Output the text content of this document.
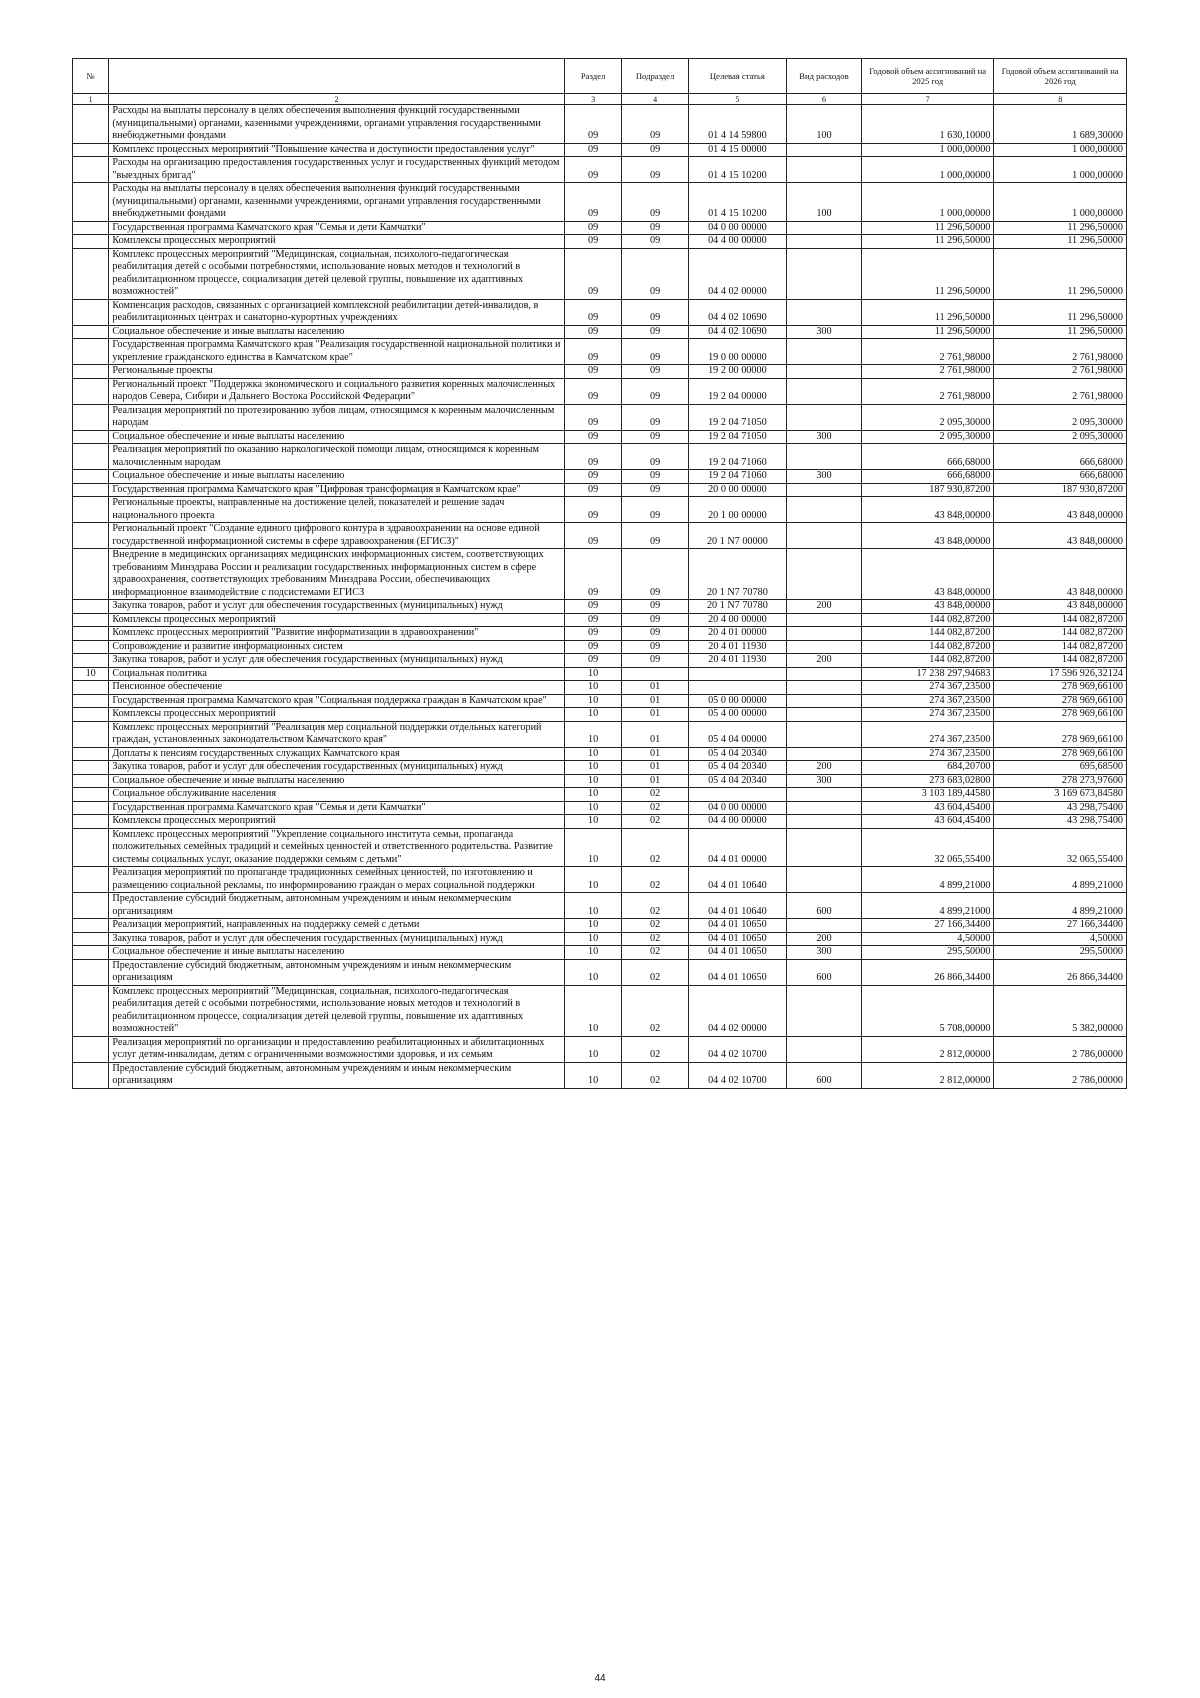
№		Раздел	Подраздел	Целевая статья	Вид расходов	Годовой объем ассигнований на 2025 год	Годовой объем ассигнований на 2026 год
1	2	3	4	5	6	7	8
	Расходы на выплаты персоналу в целях обеспечения выполнения функций государственными (муниципальными) органами, казенными учреждениями, органами управления государственными внебюджетными фондами	09	09	01 4 14 59800	100	1 630,10000	1 689,30000
	Комплекс процессных мероприятий "Повышение качества и доступности предоставления услуг"	09	09	01 4 15 00000		1 000,00000	1 000,00000
	Расходы на организацию предоставления государственных услуг и государственных функций методом "выездных бригад"	09	09	01 4 15 10200		1 000,00000	1 000,00000
	Расходы на выплаты персоналу в целях обеспечения выполнения функций государственными (муниципальными) органами, казенными учреждениями, органами управления государственными внебюджетными фондами	09	09	01 4 15 10200	100	1 000,00000	1 000,00000
	Государственная программа Камчатского края "Семья и дети Камчатки"	09	09	04 0 00 00000		11 296,50000	11 296,50000
	Комплексы процессных мероприятий	09	09	04 4 00 00000		11 296,50000	11 296,50000
	Комплекс процессных мероприятий "Медицинская, социальная, психолого-педагогическая реабилитация детей с особыми потребностями, использование новых методов и технологий в реабилитационном процессе, социализация детей целевой группы, повышение их адаптивных возможностей"	09	09	04 4 02 00000		11 296,50000	11 296,50000
	Компенсация расходов, связанных с организацией комплексной реабилитации детей-инвалидов, в реабилитационных центрах и санаторно-курортных учреждениях	09	09	04 4 02 10690		11 296,50000	11 296,50000
	Социальное обеспечение и иные выплаты населению	09	09	04 4 02 10690	300	11 296,50000	11 296,50000
	Государственная программа Камчатского края "Реализация государственной национальной политики и укрепление гражданского единства в Камчатском крае"	09	09	19 0 00 00000		2 761,98000	2 761,98000
	Региональные проекты	09	09	19 2 00 00000		2 761,98000	2 761,98000
	Региональный проект "Поддержка экономического и социального развития коренных малочисленных народов Севера, Сибири и Дальнего Востока Российской Федерации"	09	09	19 2 04 00000		2 761,98000	2 761,98000
	Реализация мероприятий по протезированию зубов лицам, относящимся к коренным малочисленным народам	09	09	19 2 04 71050		2 095,30000	2 095,30000
	Социальное обеспечение и иные выплаты населению	09	09	19 2 04 71050	300	2 095,30000	2 095,30000
	Реализация мероприятий по оказанию наркологической помощи лицам, относящимся к коренным малочисленным народам	09	09	19 2 04 71060		666,68000	666,68000
	Социальное обеспечение и иные выплаты населению	09	09	19 2 04 71060	300	666,68000	666,68000
	Государственная программа Камчатского края "Цифровая трансформация в Камчатском крае"	09	09	20 0 00 00000		187 930,87200	187 930,87200
	Региональные проекты, направленные на достижение целей, показателей и решение задач национального проекта	09	09	20 1 00 00000		43 848,00000	43 848,00000
	Региональный проект "Создание единого цифрового контура в здравоохранении на основе единой государственной информационной системы в сфере здравоохранения (ЕГИСЗ)"	09	09	20 1 N7 00000		43 848,00000	43 848,00000
	Внедрение в медицинских организациях медицинских информационных систем, соответствующих требованиям Минздрава России и реализации государственных информационных систем в сфере здравоохранения, соответствующих требованиям Минздрава России, обеспечивающих информационное взаимодействие с подсистемами ЕГИСЗ	09	09	20 1 N7 70780		43 848,00000	43 848,00000
	Закупка товаров, работ и услуг для обеспечения государственных (муниципальных) нужд	09	09	20 1 N7 70780	200	43 848,00000	43 848,00000
	Комплексы процессных мероприятий	09	09	20 4 00 00000		144 082,87200	144 082,87200
	Комплекс процессных мероприятий "Развитие информатизации в здравоохранении"	09	09	20 4 01 00000		144 082,87200	144 082,87200
	Сопровождение и развитие информационных систем	09	09	20 4 01 11930		144 082,87200	144 082,87200
	Закупка товаров, работ и услуг для обеспечения государственных (муниципальных) нужд	09	09	20 4 01 11930	200	144 082,87200	144 082,87200
10	Социальная политика	10				17 238 297,94683	17 596 926,32124
	Пенсионное обеспечение	10	01			274 367,23500	278 969,66100
	Государственная программа Камчатского края "Социальная поддержка граждан в Камчатском крае"	10	01	05 0 00 00000		274 367,23500	278 969,66100
	Комплексы процессных мероприятий	10	01	05 4 00 00000		274 367,23500	278 969,66100
	Комплекс процессных мероприятий "Реализация мер социальной поддержки отдельных категорий граждан, установленных законодательством Камчатского края"	10	01	05 4 04 00000		274 367,23500	278 969,66100
	Доплаты к пенсиям государственных служащих Камчатского края	10	01	05 4 04 20340		274 367,23500	278 969,66100
	Закупка товаров, работ и услуг для обеспечения государственных (муниципальных) нужд	10	01	05 4 04 20340	200	684,20700	695,68500
	Социальное обеспечение и иные выплаты населению	10	01	05 4 04 20340	300	273 683,02800	278 273,97600
	Социальное обслуживание населения	10	02			3 103 189,44580	3 169 673,84580
	Государственная программа Камчатского края "Семья и дети Камчатки"	10	02	04 0 00 00000		43 604,45400	43 298,75400
	Комплексы процессных мероприятий	10	02	04 4 00 00000		43 604,45400	43 298,75400
	Комплекс процессных мероприятий "Укрепление социального института семьи, пропаганда положительных семейных традиций и семейных ценностей и ответственного родительства. Развитие системы социальных услуг, оказание поддержки семьям с детьми"	10	02	04 4 01 00000		32 065,55400	32 065,55400
	Реализация мероприятий по пропаганде традиционных семейных ценностей, по изготовлению и размещению социальной рекламы, по информированию граждан о мерах социальной поддержки	10	02	04 4 01 10640		4 899,21000	4 899,21000
	Предоставление субсидий бюджетным, автономным учреждениям и иным некоммерческим организациям	10	02	04 4 01 10640	600	4 899,21000	4 899,21000
	Реализация мероприятий, направленных на поддержку семей с детьми	10	02	04 4 01 10650		27 166,34400	27 166,34400
	Закупка товаров, работ и услуг для обеспечения государственных (муниципальных) нужд	10	02	04 4 01 10650	200	4,50000	4,50000
	Социальное обеспечение и иные выплаты населению	10	02	04 4 01 10650	300	295,50000	295,50000
	Предоставление субсидий бюджетным, автономным учреждениям и иным некоммерческим организациям	10	02	04 4 01 10650	600	26 866,34400	26 866,34400
	Комплекс процессных мероприятий "Медицинская, социальная, психолого-педагогическая реабилитация детей с особыми потребностями, использование новых методов и технологий в реабилитационном процессе, социализация детей целевой группы, повышение их адаптивных возможностей"	10	02	04 4 02 00000		5 708,00000	5 382,00000
	Реализация мероприятий по организации и предоставлению реабилитационных и абилитационных услуг детям-инвалидам, детям с ограниченными возможностями здоровья, и их семьям	10	02	04 4 02 10700		2 812,00000	2 786,00000
	Предоставление субсидий бюджетным, автономным учреждениям и иным некоммерческим организациям	10	02	04 4 02 10700	600	2 812,00000	2 786,00000
44
